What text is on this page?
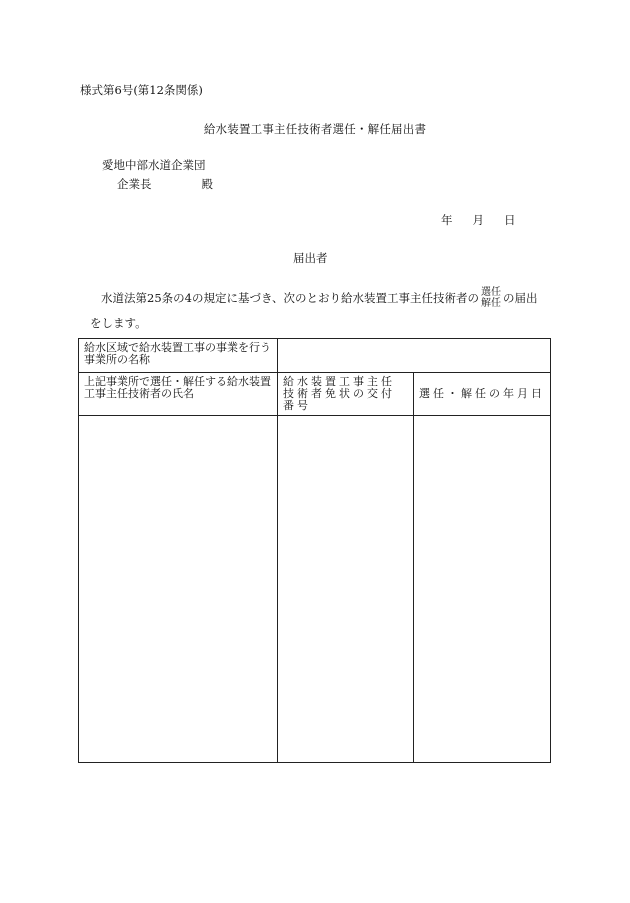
様式第6号(第12条関係)
給水装置工事主任技術者選任・解任届出書
愛地中部水道企業団
企業長	殿
年 月 日
届出者
水道法第25条の4の規定に基づき、次のとおり給水装置工事主任技術者の 選任
解任 の届出
をします。
給水区域で給水装置工事の事業を行う事業所の名称		
上記事業所で選任・解任する給水装置工事主任技術者の氏名	給水装置工事主任技術者免状の交付番号	選任・解任の年月日
